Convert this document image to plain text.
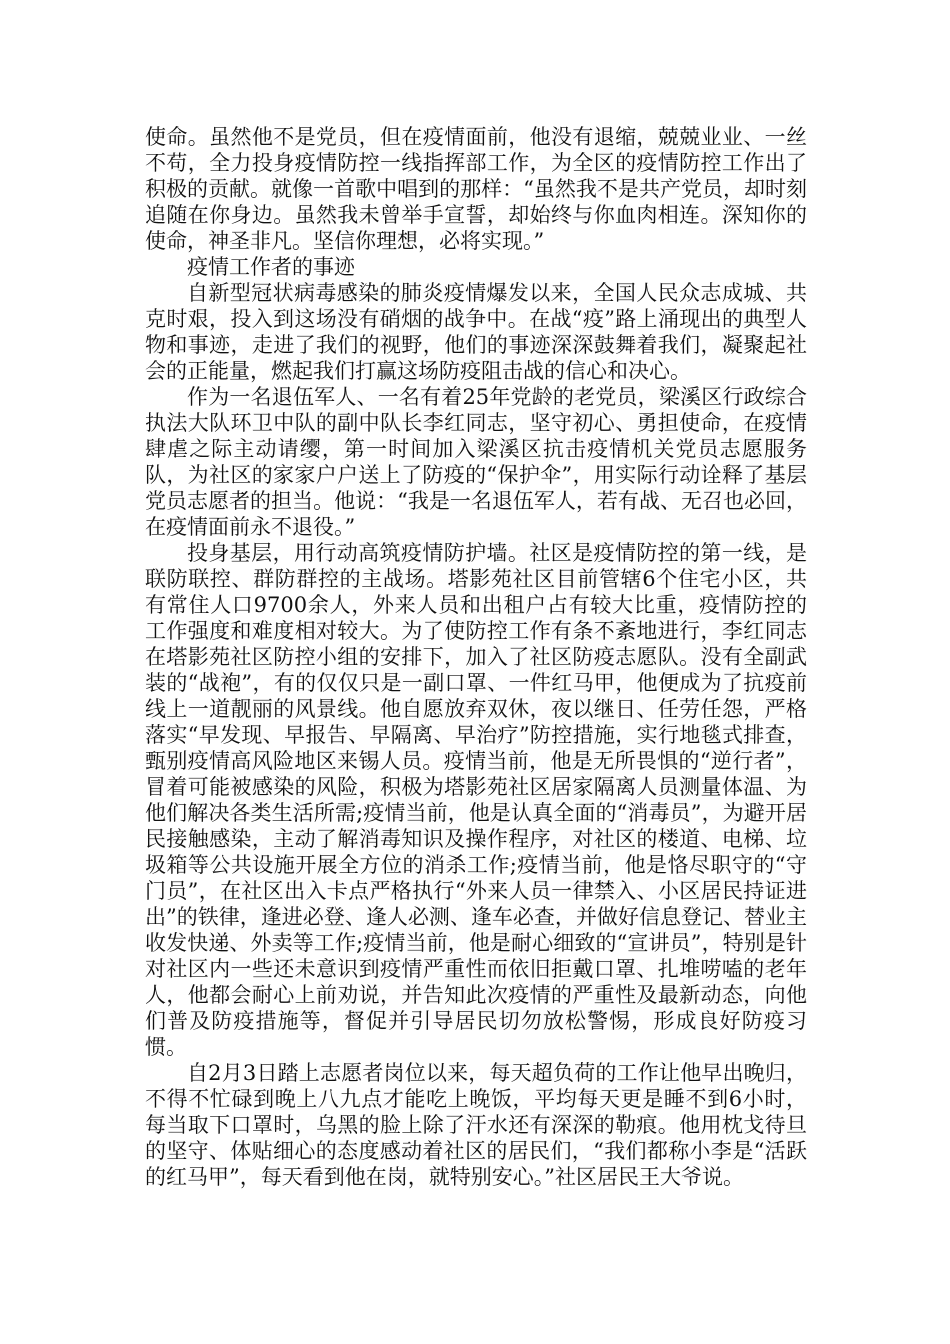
使命。虽然他不是党员，但在疫情面前，他没有退缩，兢兢业业、一丝不苟，全力投身疫情防控一线指挥部工作，为全区的疫情防控工作出了积极的贡献。就像一首歌中唱到的那样：“虽然我不是共产党员，却时刻追随在你身边。虽然我未曾举手宣誓，却始终与你血肉相连。深知你的使命，神圣非凡。坚信你理想，必将实现。”

疫情工作者的事迹

自新型冠状病毒感染的肺炎疫情爆发以来，全国人民众志成城、共克时艰，投入到这场没有硝烟的战争中。在战“疫”路上涌现出的典型人物和事迹，走进了我们的视野，他们的事迹深深鼓舞着我们，凝聚起社会的正能量，燃起我们打赢这场防疫阻击战的信心和决心。

作为一名退伍军人、一名有着25年党龄的老党员，梁溪区行政综合执法大队环卫中队的副中队长李红同志，坚守初心、勇担使命，在疫情肆虐之际主动请缨，第一时间加入梁溪区抗击疫情机关党员志愿服务队，为社区的家家户户送上了防疫的“保护伞”，用实际行动诠释了基层党员志愿者的担当。他说：“我是一名退伍军人，若有战、无召也必回，在疫情面前永不退役。”

投身基层，用行动高筑疫情防护墙。社区是疫情防控的第一线，是联防联控、群防群控的主战场。塔影苑社区目前管辖6个住宅小区，共有常住人口9700余人，外来人员和出租户占有较大比重，疫情防控的工作强度和难度相对较大。为了使防控工作有条不紊地进行，李红同志在塔影苑社区防控小组的安排下，加入了社区防疫志愿队。没有全副武装的“战袍”，有的仅仅只是一副口罩、一件红马甲，他便成为了抗疫前线上一道靓丽的风景线。他自愿放弃双休，夜以继日、任劳任怨，严格落实“早发现、早报告、早隔离、早治疗”防控措施，实行地毯式排查，甄别疫情高风险地区来锡人员。疫情当前，他是无所畏惧的“逆行者”，冒着可能被感染的风险，积极为塔影苑社区居家隔离人员测量体温、为他们解决各类生活所需;疫情当前，他是认真全面的“消毒员”，为避开居民接触感染，主动了解消毒知识及操作程序，对社区的楼道、电梯、垃圾箱等公共设施开展全方位的消杀工作;疫情当前，他是恪尽职守的“守门员”，在社区出入卡点严格执行“外来人员一律禁入、小区居民持证进出”的铁律，逢进必登、逢人必测、逢车必查，并做好信息登记、替业主收发快递、外卖等工作;疫情当前，他是耐心细致的“宣讲员”，特别是针对社区内一些还未意识到疫情严重性而依旧拒戴口罩、扎堆唠嗑的老年人，他都会耐心上前劝说，并告知此次疫情的严重性及最新动态，向他们普及防疫措施等，督促并引导居民切勿放松警惕，形成良好防疫习惯。

自2月3日踏上志愿者岗位以来，每天超负荷的工作让他早出晚归，不得不忙碌到晚上八九点才能吃上晚饭，平均每天更是睡不到6小时，每当取下口罩时，乌黑的脸上除了汗水还有深深的勒痕。他用枕戈待旦的坚守、体贴细心的态度感动着社区的居民们，“我们都称小李是“活跃的红马甲”，每天看到他在岗，就特别安心。”社区居民王大爷说。
